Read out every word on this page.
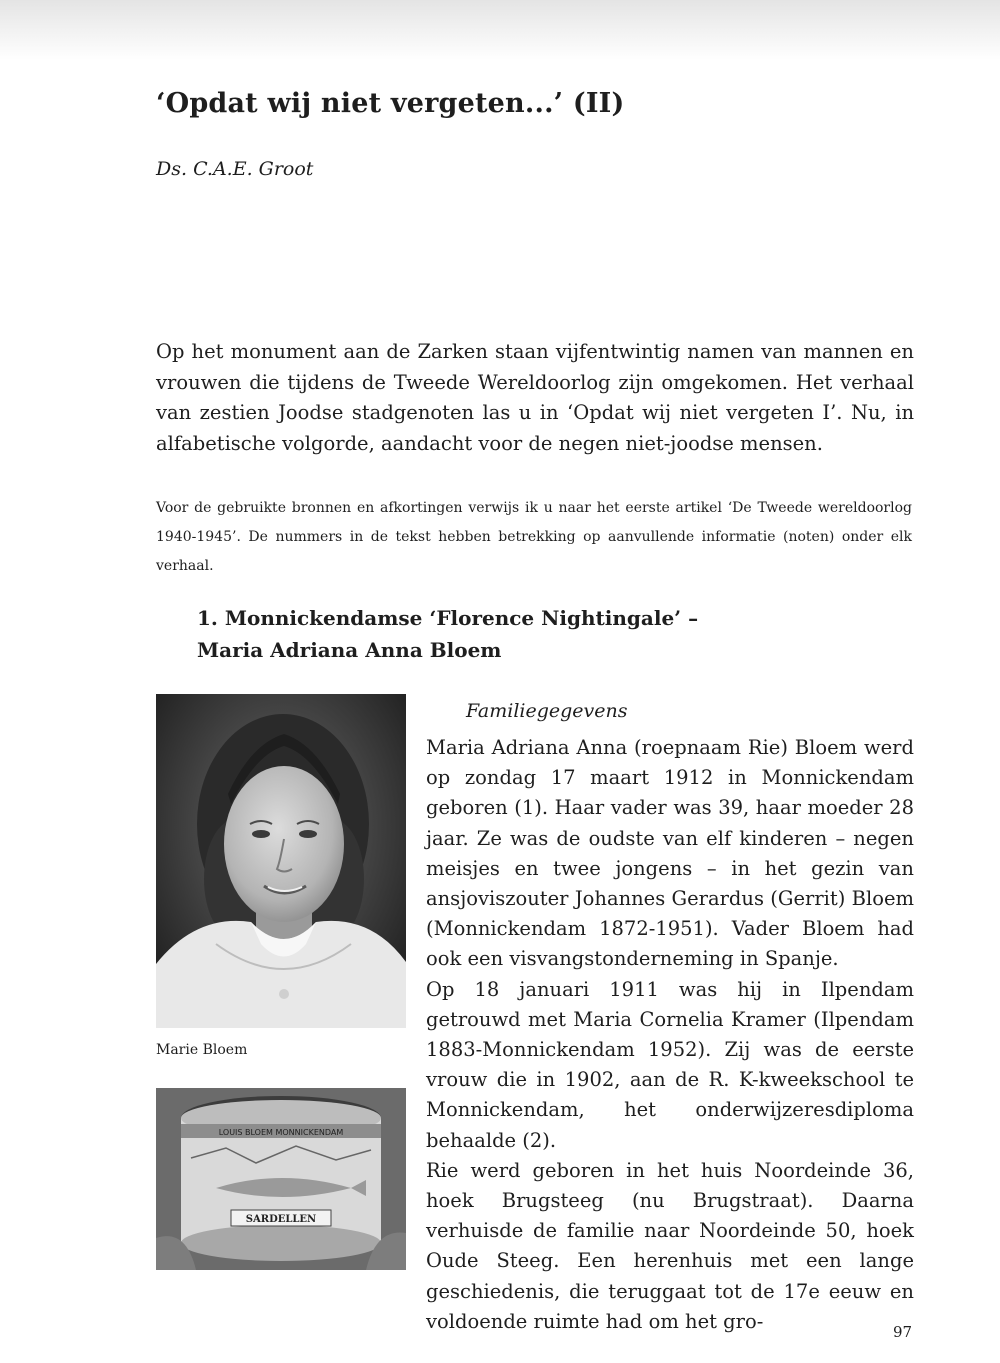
‘Opdat wij niet vergeten...’ (II)
Ds. C.A.E. Groot

Op het monument aan de Zarken staan vijfentwintig namen van mannen en vrouwen die tijdens de Tweede Wereldoorlog zijn omgekomen. Het verhaal van zestien Joodse stadgenoten las u in ‘Opdat wij niet vergeten I’. Nu, in alfabetische volgorde, aandacht voor de negen niet-joodse mensen.

Voor de gebruikte bronnen en afkortingen verwijs ik u naar het eerste artikel ‘De Tweede wereldoorlog 1940-1945’. De nummers in de tekst hebben betrekking op aanvullende informatie (noten) onder elk verhaal.

1. Monnickendamse ‘Florence Nightingale’ –
Maria Adriana Anna Bloem
Marie Bloem
LOUIS BLOEM MONNICKENDAM
SARDELLEN
Familiegegevens

Maria Adriana Anna (roepnaam Rie) Bloem werd op zondag 17 maart 1912 in Monnickendam geboren (1). Haar vader was 39, haar moeder 28 jaar. Ze was de oudste van elf kinderen – negen meisjes en twee jongens – in het gezin van ansjoviszouter Johannes Gerardus (Gerrit) Bloem (Monnickendam 1872-1951). Vader Bloem had ook een visvangstonderneming in Spanje.
Op 18 januari 1911 was hij in Ilpendam getrouwd met Maria Cornelia Kramer (Ilpendam 1883-Monnickendam 1952). Zij was de eerste vrouw die in 1902, aan de R. K-kweekschool te Monnickendam, het onderwijzeresdiploma behaalde (2).
Rie werd geboren in het huis Noordeinde 36, hoek Brugsteeg (nu Brugstraat). Daarna verhuisde de familie naar Noordeinde 50, hoek Oude Steeg. Een herenhuis met een lange geschiedenis, die teruggaat tot de 17e eeuw en voldoende ruimte had om het gro-	97
